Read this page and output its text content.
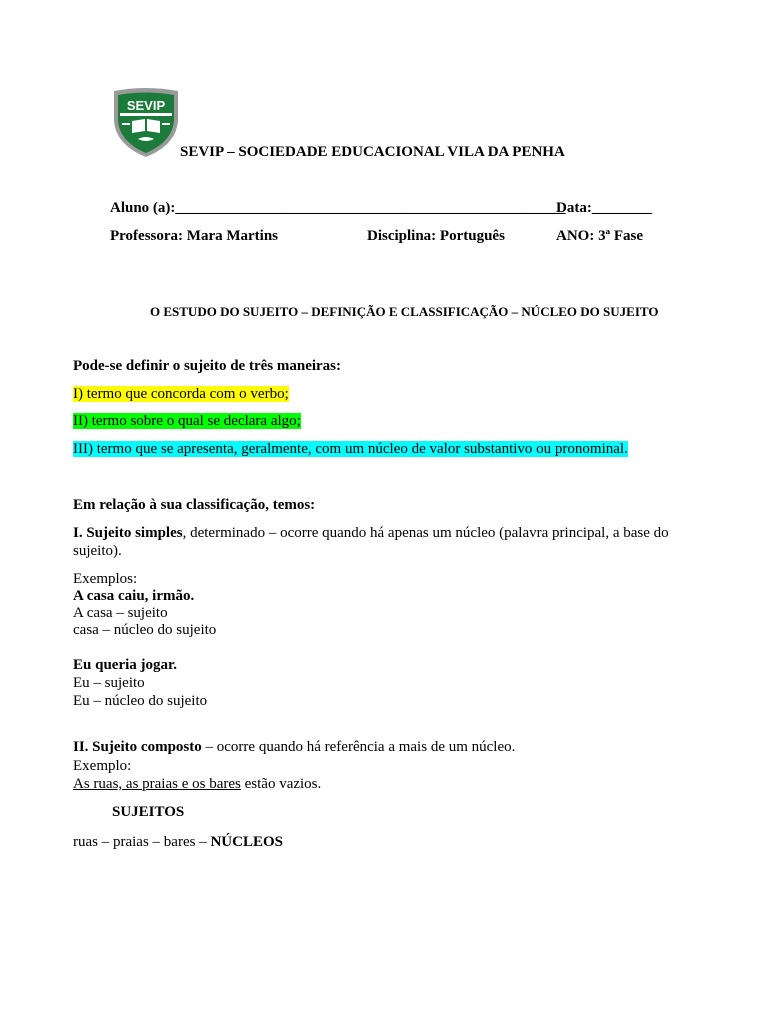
SEVIP
SEVIP – SOCIEDADE EDUCACIONAL VILA DA PENHA
Aluno (a):____________________________________________________
Data:________
Professora: Mara Martins	Disciplina: Português	ANO: 3ª Fase
O ESTUDO DO SUJEITO – DEFINIÇÃO E CLASSIFICAÇÃO – NÚCLEO DO SUJEITO
Pode-se definir o sujeito de três maneiras:
I) termo que concorda com o verbo;
II) termo sobre o qual se declara algo;
III) termo que se apresenta, geralmente, com um núcleo de valor substantivo ou pronominal.
Em relação à sua classificação, temos:
I. Sujeito simples, determinado – ocorre quando há apenas um núcleo (palavra principal, a base do sujeito).
Exemplos:
A casa caiu, irmão.
A casa – sujeito
casa – núcleo do sujeito
Eu queria jogar.
Eu – sujeito
Eu – núcleo do sujeito
II. Sujeito composto – ocorre quando há referência a mais de um núcleo.
Exemplo:
As ruas, as praias e os bares estão vazios.
SUJEITOS
ruas – praias – bares – NÚCLEOS
